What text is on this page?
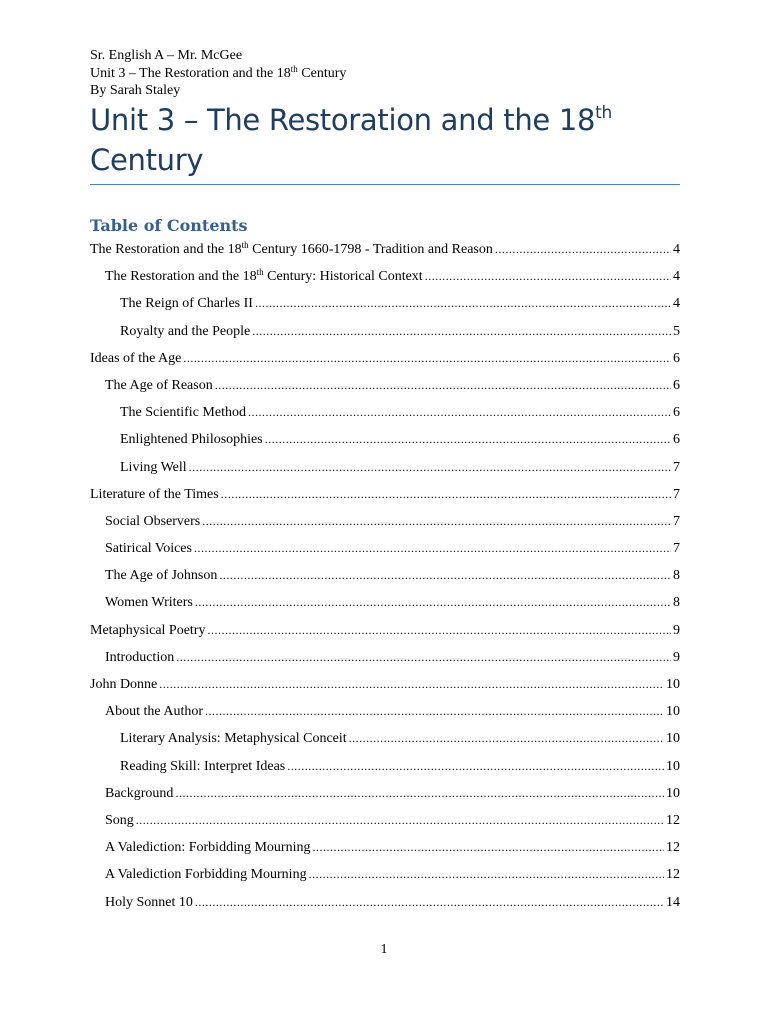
Sr. English A – Mr. McGee
Unit 3 – The Restoration and the 18th Century
By Sarah Staley
Unit 3 – The Restoration and the 18th
Century
Table of Contents
The Restoration and the 18th Century 1660-1798 - Tradition and Reason .....	4
The Restoration and the 18th Century: Historical Context .....	4
The Reign of Charles II .....	4
Royalty and the People .....	5
Ideas of the Age .....	6
The Age of Reason .....	6
The Scientific Method .....	6
Enlightened Philosophies .....	6
Living Well .....	7
Literature of the Times .....	7
Social Observers .....	7
Satirical Voices .....	7
The Age of Johnson .....	8
Women Writers .....	8
Metaphysical Poetry .....	9
Introduction .....	9
John Donne .....	10
About the Author .....	10
Literary Analysis: Metaphysical Conceit .....	10
Reading Skill: Interpret Ideas .....	10
Background .....	10
Song .....	12
A Valediction: Forbidding Mourning .....	12
A Valediction Forbidding Mourning .....	12
Holy Sonnet 10 .....	14
1
